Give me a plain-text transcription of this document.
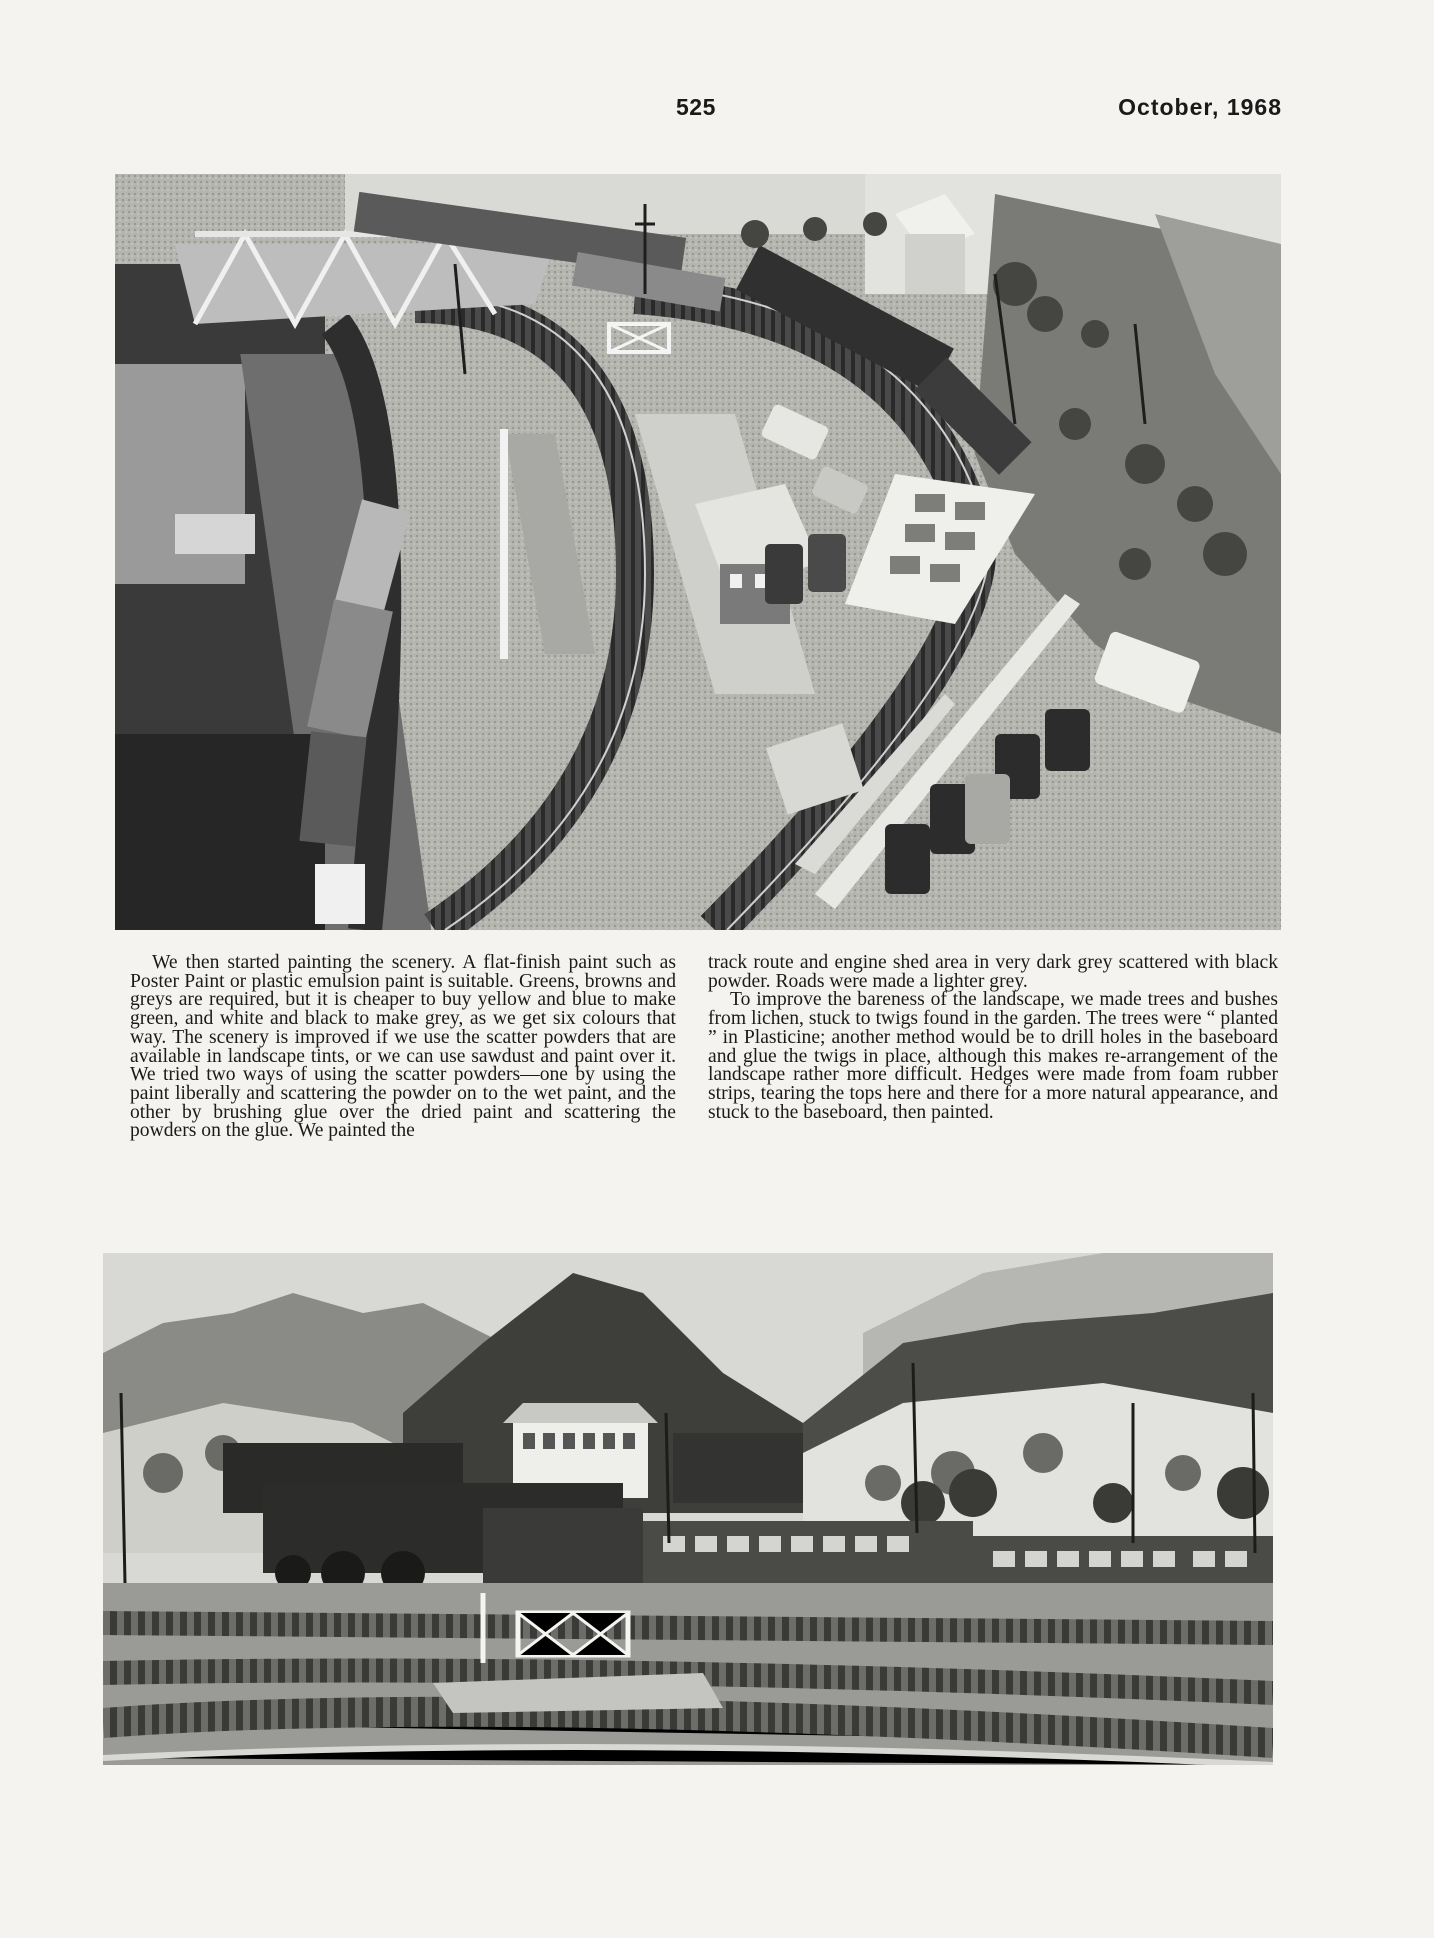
525	October, 1968

We then started painting the scenery. A flat-finish paint such as Poster Paint or plastic emulsion paint is suitable. Greens, browns and greys are required, but it is cheaper to buy yellow and blue to make green, and white and black to make grey, as we get six colours that way. The scenery is improved if we use the scatter powders that are available in landscape tints, or we can use sawdust and paint over it. We tried two ways of using the scatter powders—one by using the paint liberally and scattering the powder on to the wet paint, and the other by brushing glue over the dried paint and scattering the powders on the glue. We painted the

track route and engine shed area in very dark grey scattered with black powder. Roads were made a lighter grey.

To improve the bareness of the landscape, we made trees and bushes from lichen, stuck to twigs found in the garden. The trees were “ planted ” in Plasticine; another method would be to drill holes in the baseboard and glue the twigs in place, although this makes re-arrangement of the landscape rather more difficult. Hedges were made from foam rubber strips, tearing the tops here and there for a more natural appearance, and stuck to the baseboard, then painted.
